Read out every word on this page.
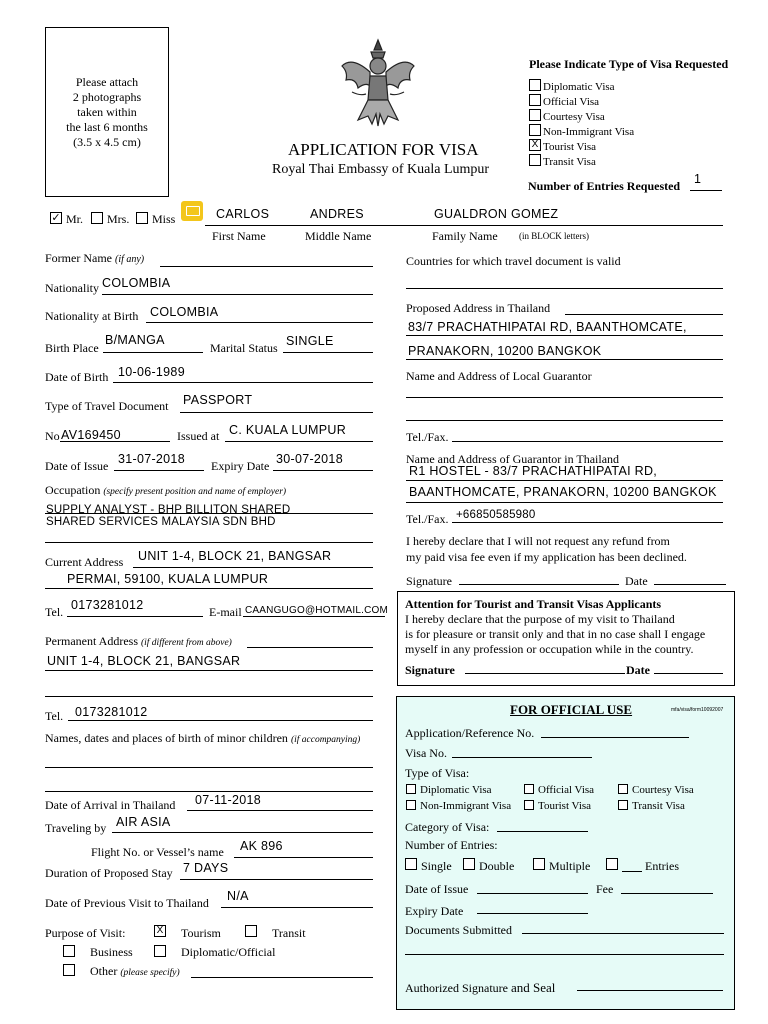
Please attach
2 photographs
taken within
the last 6 months
(3.5 x 4.5 cm)	APPLICATION FOR VISA
Royal Thai Embassy of Kuala Lumpur
Please Indicate Type of Visa Requested
Diplomatic Visa
Official Visa
Courtesy Visa
Non-Immigrant Visa
X Tourist Visa
Transit Visa
Number of Entries Requested 1
✓ Mr. Mrs. Miss	CARLOS	ANDRES	GUALDRON GOMEZ
First Name	Middle Name	Family Name (in BLOCK letters)
Former Name (if any)
Nationality COLOMBIA
Nationality at Birth COLOMBIA
Birth Place
B/MANGA
Marital Status SINGLE
Date of Birth 10-06-1989
Type of Travel Document PASSPORT
No AV169450	Issued at C. KUALA LUMPUR
Date of Issue 31-07-2018 Expiry Date 30-07-2018
Occupation (specify present position and name of employer)
SUPPLY ANALYST - BHP BILLITON SHARED
SHARED SERVICES MALAYSIA SDN BHD
Current Address UNIT 1-4, BLOCK 21, BANGSAR
PERMAI, 59100, KUALA LUMPUR
Tel. 0173281012	E-mail CAANGUGO@HOTMAIL.COM
Permanent Address (if different from above)
UNIT 1-4, BLOCK 21, BANGSAR
Tel. 0173281012
Names, dates and places of birth of minor children (if accompanying)
Date of Arrival in Thailand 07-11-2018
Traveling by AIR ASIA
Flight No. or Vessel’s name AK 896
Duration of Proposed Stay 7 DAYS
Date of Previous Visit to Thailand N/A
Purpose of Visit:	X Tourism	Transit
Business	Diplomatic/Official
Other (please specify)
Countries for which travel document is valid
Proposed Address in Thailand
83/7 PRACHATHIPATAI RD, BAANTHOMCATE,
PRANAKORN, 10200 BANGKOK
Name and Address of Local Guarantor
Tel./Fax.
Name and Address of Guarantor in Thailand
R1 HOSTEL - 83/7 PRACHATHIPATAI RD,
BAANTHOMCATE, PRANAKORN, 10200 BANGKOK
Tel./Fax. +66850585980
I hereby declare that I will not request any refund from
my paid visa fee even if my application has been declined.
Signature	Date
Attention for Tourist and Transit Visas Applicants
I hereby declare that the purpose of my visit to Thailand
is for pleasure or transit only and that in no case shall I engage
myself in any profession or occupation while in the country.
Signature	Date
FOR OFFICIAL USE	mfa/visa/form10092007
Application/Reference No.
Visa No.
Type of Visa:
Diplomatic Visa	Official Visa	Courtesy Visa
Non-Immigrant Visa Tourist Visa	Transit Visa
Category of Visa:
Number of Entries:
Single Double	Multiple	Entries
Date of Issue	Fee
Expiry Date
Documents Submitted
Authorized Signature and Seal
